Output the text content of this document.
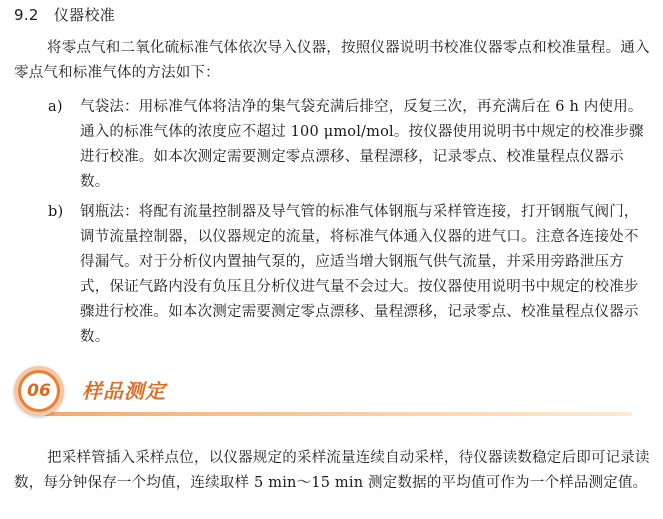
9.2 仪器校准
将零点气和二氧化硫标准气体依次导入仪器，按照仪器说明书校准仪器零点和校准量程。通入零点气和标准气体的方法如下：
a) 气袋法：用标准气体将洁净的集气袋充满后排空，反复三次，再充满后在 6 h 内使用。通入的标准气体的浓度应不超过 100 μmol/mol。按仪器使用说明书中规定的校准步骤进行校准。如本次测定需要测定零点漂移、量程漂移，记录零点、校准量程点仪器示数。
b) 钢瓶法：将配有流量控制器及导气管的标准气体钢瓶与采样管连接，打开钢瓶气阀门，调节流量控制器，以仪器规定的流量，将标准气体通入仪器的进气口。注意各连接处不得漏气。对于分析仪内置抽气泵的，应适当增大钢瓶气供气流量，并采用旁路泄压方式，保证气路内没有负压且分析仪进气量不会过大。按仪器使用说明书中规定的校准步骤进行校准。如本次测定需要测定零点漂移、量程漂移，记录零点、校准量程点仪器示数。
06	样品测定
把采样管插入采样点位，以仪器规定的采样流量连续自动采样，待仪器读数稳定后即可记录读数，每分钟保存一个均值，连续取样 5 min～15 min 测定数据的平均值可作为一个样品测定值。
